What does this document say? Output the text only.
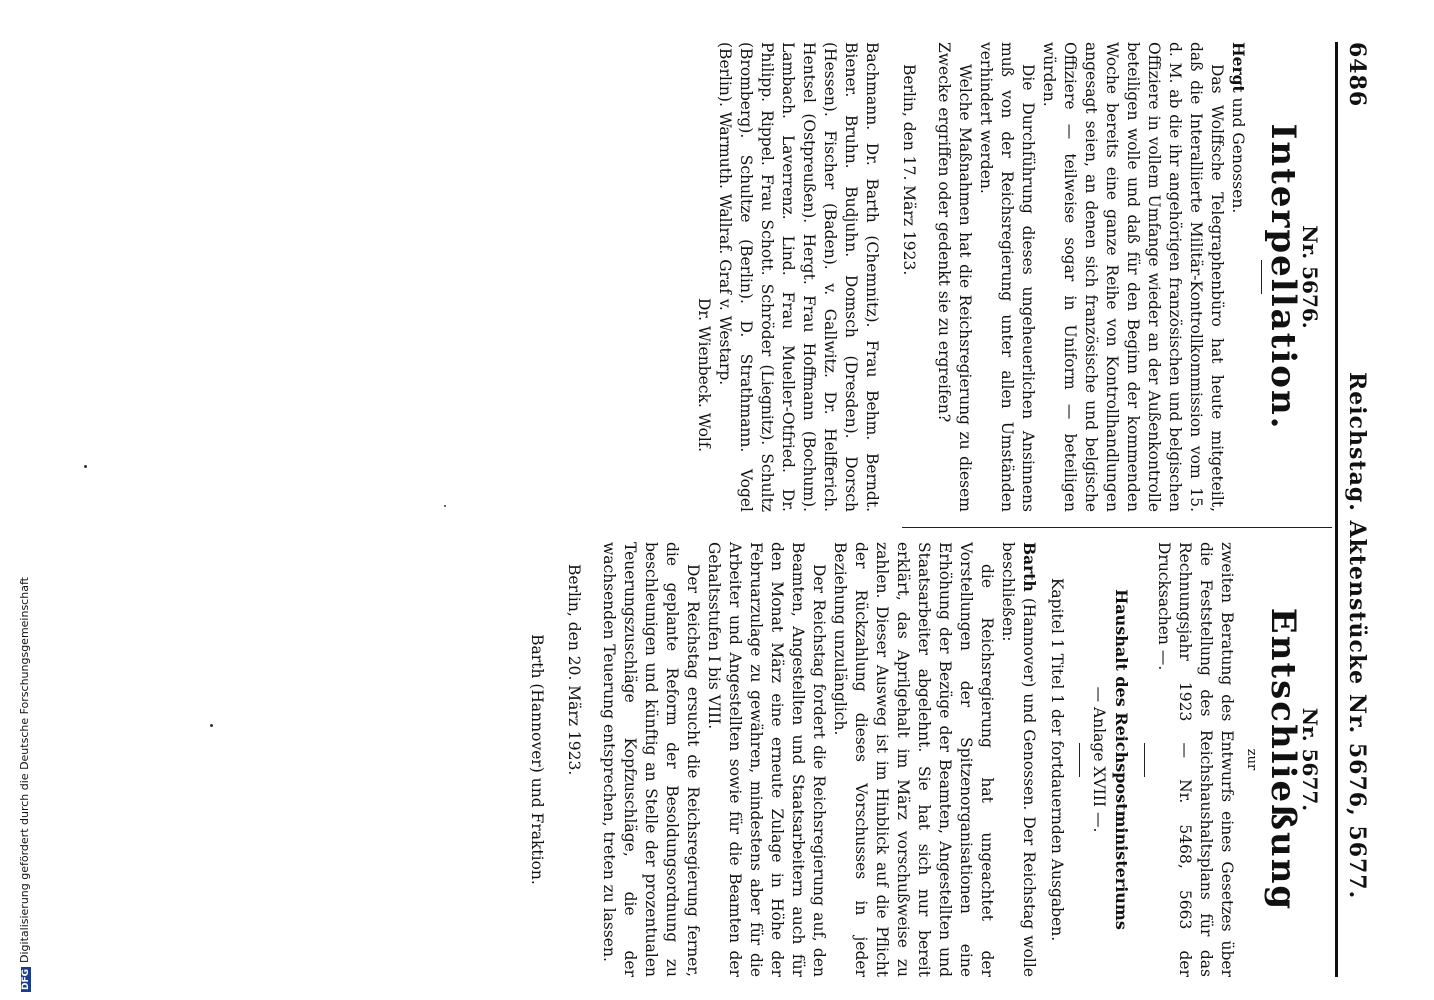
6486
Reichstag. Aktenstücke Nr. 5676, 5677.
Nr. 5676.
Interpellation.

Hergt und Genossen.

Das Wolffsche Telegraphenbüro hat heute mitgeteilt, daß die Interalliierte Militär-Kontrollkommission vom 15. d. M. ab die ihr angehörigen französischen und belgischen Offiziere in vollem Umfange wieder an der Außenkontrolle beteiligen wolle und daß für den Beginn der kommenden Woche bereits eine ganze Reihe von Kontrollhandlungen angesagt seien, an denen sich französische und belgische Offiziere — teilweise sogar in Uniform — beteiligen würden.

Die Durchführung dieses ungeheuerlichen Ansinnens muß von der Reichsregierung unter allen Umständen verhindert werden.

Welche Maßnahmen hat die Reichsregierung zu diesem Zwecke ergriffen oder gedenkt sie zu ergreifen?

Berlin, den 17. März 1923.

Bachmann. Dr. Barth (Chemnitz). Frau Behm. Berndt. Biener. Bruhn. Budjuhn. Domsch (Dresden). Dorsch (Hessen). Fischer (Baden). v. Gallwitz. Dr. Helfferich. Hentsel (Ostpreußen). Hergt. Frau Hoffmann (Bochum). Lambach. Laverrenz. Lind. Frau Mueller-Otfried. Dr. Philipp. Rippel. Frau Schott. Schröder (Liegnitz). Schultz (Bromberg). Schultze (Berlin). D. Strathmann. Vogel (Berlin). Warmuth. Wallraf. Graf v. Westarp.

Dr. Wienbeck. Wolf.

Nr. 5677.
Entschließung
zur

zweiten Beratung des Entwurfs eines Gesetzes über die Feststellung des Reichshaushaltsplans für das Rechnungsjahr 1923 — Nr. 5468, 5663 der Drucksachen —.

Haushalt des Reichspostministeriums
— Anlage XVIII —.
Kapitel 1 Titel 1 der fortdauernden Ausgaben.

Barth (Hannover) und Genossen. Der Reichstag wolle beschließen:

die Reichsregierung hat ungeachtet der Vorstellungen der Spitzenorganisationen eine Erhöhung der Bezüge der Beamten, Angestellten und Staatsarbeiter abgelehnt. Sie hat sich nur bereit erklärt, das Aprilgehalt im März vorschußweise zu zahlen. Dieser Ausweg ist im Hinblick auf die Pflicht der Rückzahlung dieses Vorschusses in jeder Beziehung unzulänglich.

Der Reichstag fordert die Reichsregierung auf, den Beamten, Angestellten und Staatsarbeitern auch für den Monat März eine erneute Zulage in Höhe der Februarzulage zu gewähren, mindestens aber für die Arbeiter und Angestellten sowie für die Beamten der Gehaltsstufen I bis VIII.

Der Reichstag ersucht die Reichsregierung ferner, die geplante Reform der Besoldungsordnung zu beschleunigen und künftig an Stelle der prozentualen Teuerungszuschläge Kopfzuschläge, die der wachsenden Teuerung entsprechen, treten zu lassen.

Berlin, den 20. März 1923.

Barth (Hannover) und Fraktion.

DFGDigitalisierung gefördert durch die Deutsche Forschungsgemeinschaft
